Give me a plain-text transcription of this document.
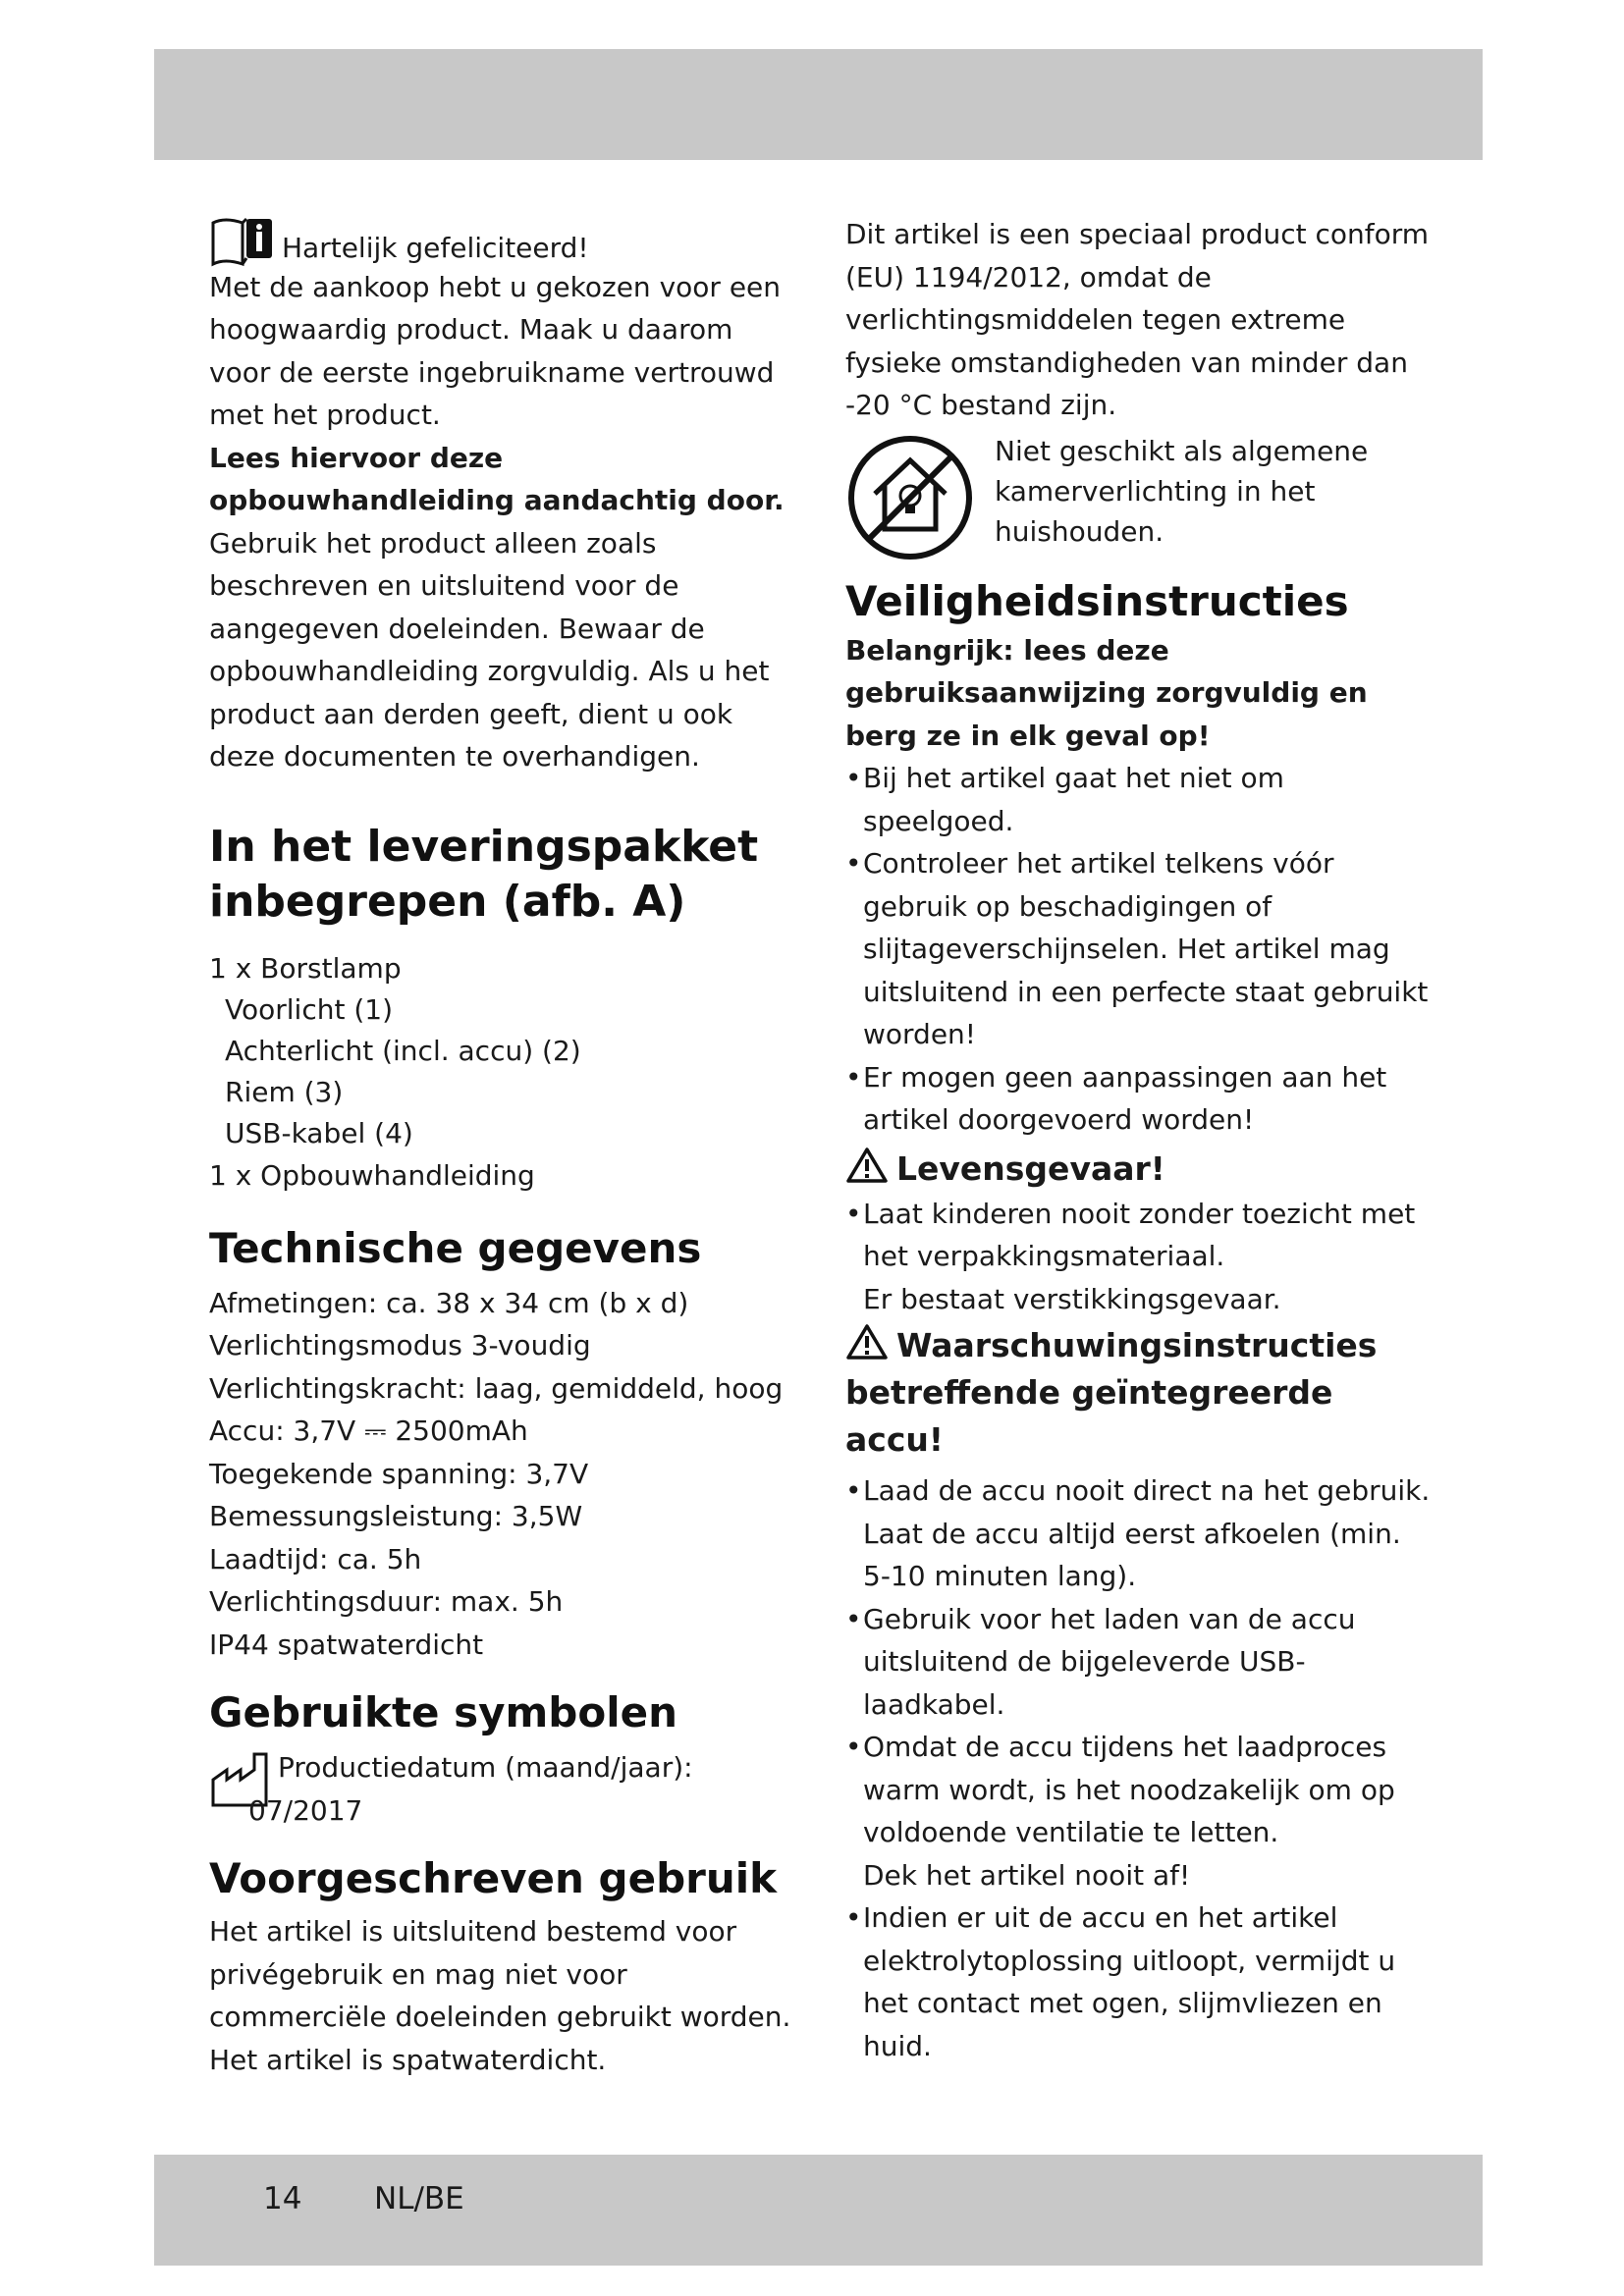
Hartelijk gefeliciteerd!

Met de aankoop hebt u gekozen voor een hoogwaardig product. Maak u daarom voor de eerste ingebruikname vertrouwd met het product.

Lees hiervoor deze opbouwhandleiding aandachtig door.

Gebruik het product alleen zoals beschreven en uitsluitend voor de aangegeven doeleinden. Bewaar de opbouwhandleiding zorgvuldig. Als u het product aan derden geeft, dient u ook deze documenten te overhandigen.

In het leveringspakket inbegrepen (afb. A)
1 x Borstlamp
Voorlicht (1)
Achterlicht (incl. accu) (2)
Riem (3)
USB-kabel (4)
1 x Opbouwhandleiding
Technische gegevens
Afmetingen: ca. 38 x 34 cm (b x d)
Verlichtingsmodus 3-voudig
Verlichtingskracht: laag, gemiddeld, hoog
Accu: 3,7V ⎓ 2500mAh
Toegekende spanning: 3,7V
Bemessungsleistung: 3,5W
Laadtijd: ca. 5h
Verlichtingsduur: max. 5h
IP44 spatwaterdicht
Gebruikte symbolen

Productiedatum (maand/jaar):

07/2017

Voorgeschreven gebruik

Het artikel is uitsluitend bestemd voor privégebruik en mag niet voor commerciële doeleinden gebruikt worden. Het artikel is spatwaterdicht.

Dit artikel is een speciaal product conform (EU) 1194/2012, omdat de verlichtingsmiddelen tegen extreme fysieke omstandigheden van minder dan -20 °C bestand zijn.

Niet geschikt als algemene kamerverlichting in het huishouden.

Veiligheidsinstructies

Belangrijk: lees deze gebruiksaanwijzing zorgvuldig en berg ze in elk geval op!

• Bij het artikel gaat het niet om speelgoed.
• Controleer het artikel telkens vóór gebruik op beschadigingen of slijtageverschijnselen. Het artikel mag uitsluitend in een perfecte staat gebruikt worden!
• Er mogen geen aanpassingen aan het artikel doorgevoerd worden!
Levensgevaar!
• Laat kinderen nooit zonder toezicht met het verpakkingsmateriaal.

Er bestaat verstikkingsgevaar.

Waarschuwingsinstructies betreffende geïntegreerde accu!
• Laad de accu nooit direct na het gebruik. Laat de accu altijd eerst afkoelen (min. 5-10 minuten lang).
• Gebruik voor het laden van de accu uitsluitend de bijgeleverde USB-laadkabel.
• Omdat de accu tijdens het laadproces warm wordt, is het noodzakelijk om op voldoende ventilatie te letten.

Dek het artikel nooit af!

• Indien er uit de accu en het artikel elektrolytoplossing uitloopt, vermijdt u het contact met ogen, slijmvliezen en huid.
14 NL/BE
